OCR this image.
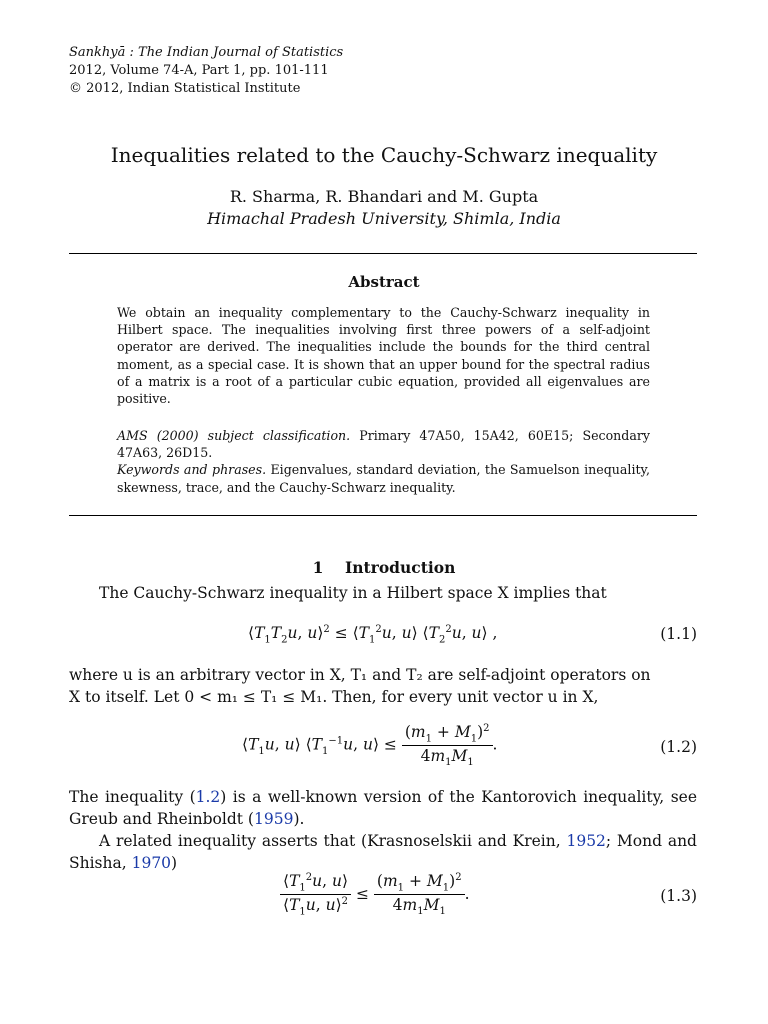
Sankhyā : The Indian Journal of Statistics
2012, Volume 74-A, Part 1, pp. 101-111
© 2012, Indian Statistical Institute
Inequalities related to the Cauchy-Schwarz inequality
R. Sharma, R. Bhandari and M. Gupta
Himachal Pradesh University, Shimla, India
Abstract

We obtain an inequality complementary to the Cauchy-Schwarz inequality in Hilbert space. The inequalities involving first three powers of a self-adjoint operator are derived. The inequalities include the bounds for the third central moment, as a special case. It is shown that an upper bound for the spectral radius of a matrix is a root of a particular cubic equation, provided all eigenvalues are positive.

AMS (2000) subject classification. Primary 47A50, 15A42, 60E15; Secondary 47A63, 26D15.

Keywords and phrases. Eigenvalues, standard deviation, the Samuelson inequality, skewness, trace, and the Cauchy-Schwarz inequality.

1 Introduction

The Cauchy-Schwarz inequality in a Hilbert space X implies that

$⟨T_1T_2u$, u⟩$^2$ ≤ $⟨T_1^2u$, u⟩ $⟨T_2^2u$, u⟩ ,	(1.1)

where u is an arbitrary vector in X, T₁ and T₂ are self-adjoint operators on

X to itself. Let 0 < m₁ ≤ T₁ ≤ M₁. Then, for every unit vector u in X,

$⟨T_1u$, u⟩ $⟨T_1^{-1}u$, u⟩ ≤ $\frac{(m_1 + M_1)^2}{4m_1M_1}$ .	(1.2)

The inequality (1.2) is a well-known version of the Kantorovich inequality, see Greub and Rheinboldt (1959).

A related inequality asserts that (Krasnoselskii and Krein, 1952; Mond and Shisha, 1970)

$\frac{⟨T_1^2u, u⟩}{⟨T_1u, u⟩^2} \le \frac{(m_1 + M_1)^2}{4m_1M_1}$ .	(1.3)
